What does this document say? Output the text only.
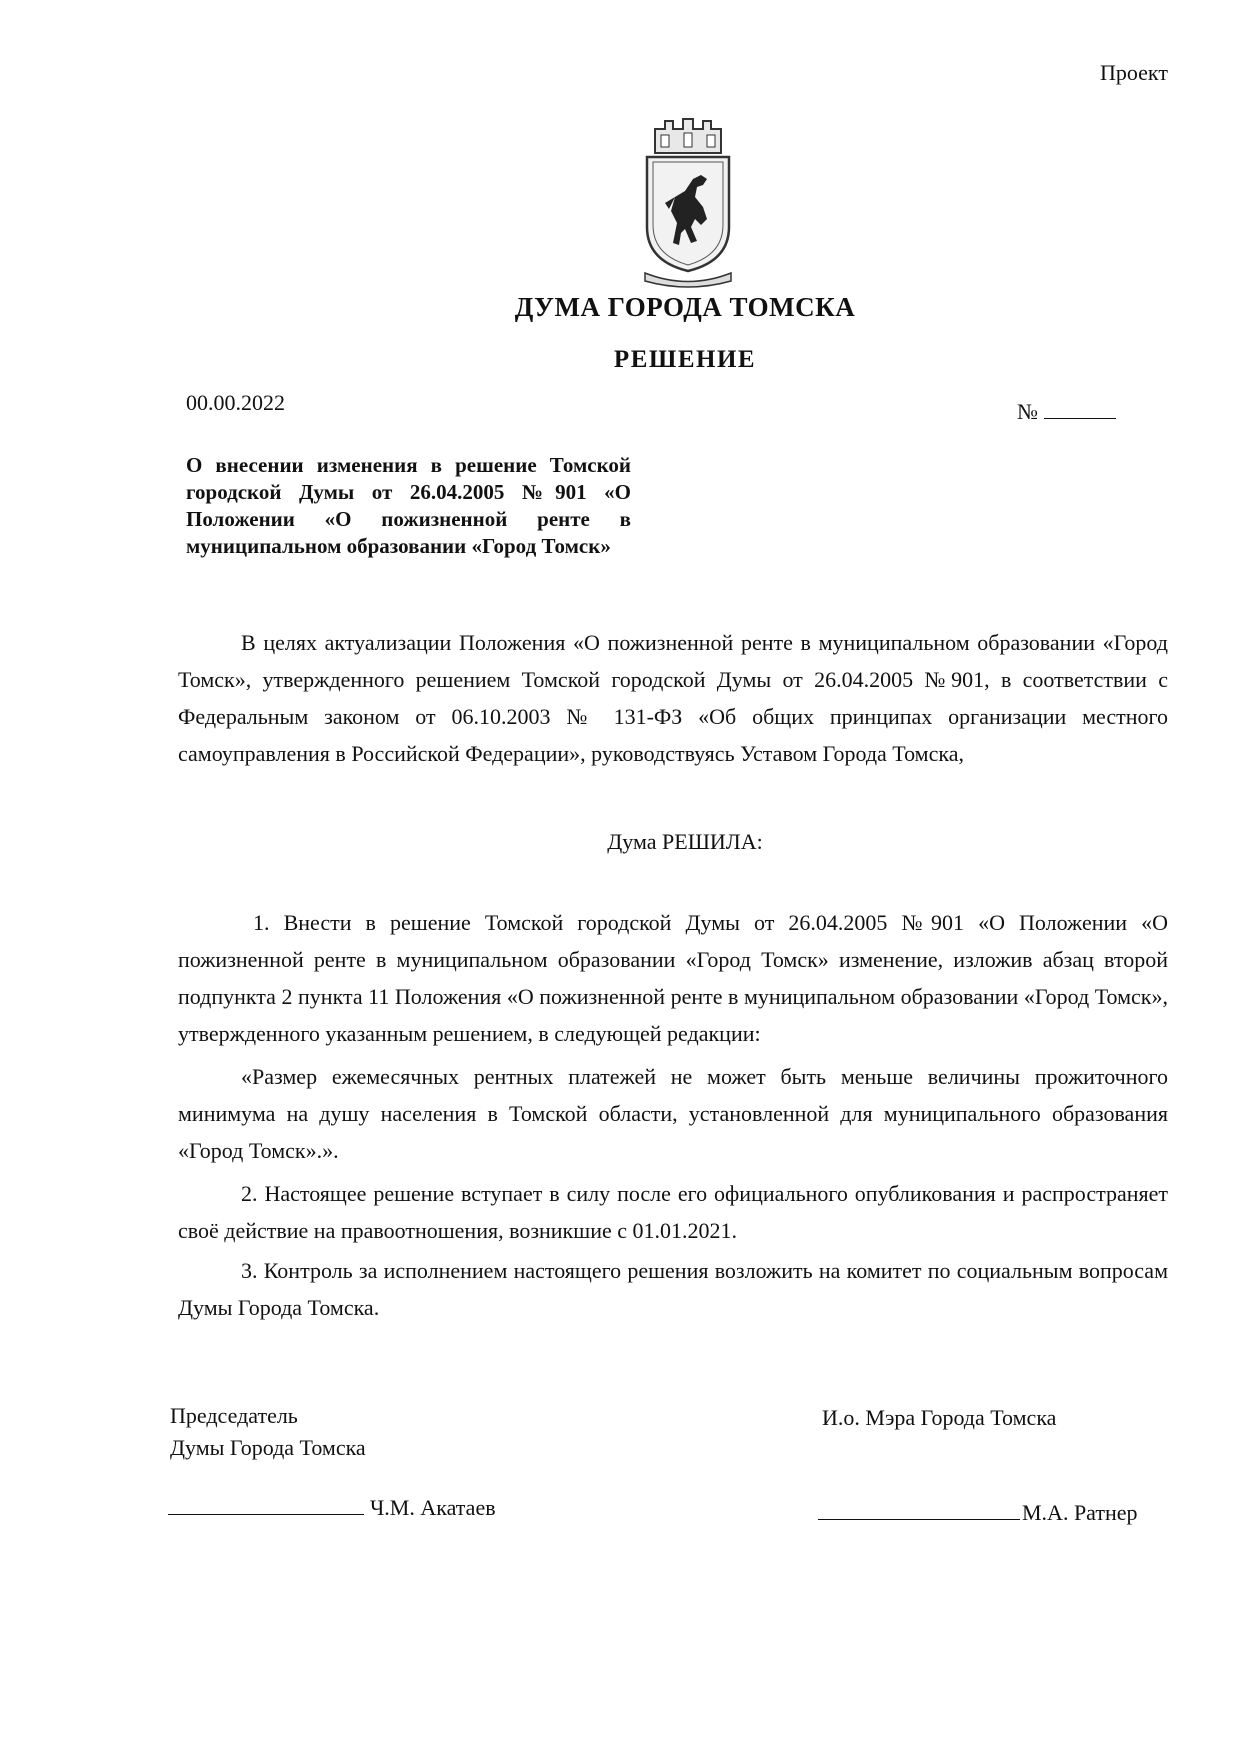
Проект
ДУМА ГОРОДА ТОМСКА
РЕШЕНИЕ
00.00.2022	№
О внесении изменения в решение Томской городской Думы от 26.04.2005 №901 «О Положении «О пожизненной ренте в муниципальном образовании «Город Томск»
В целях актуализации Положения «О пожизненной ренте в муниципальном образовании «Город Томск», утвержденного решением Томской городской Думы от 26.04.2005 №901, в соответствии с Федеральным законом от 06.10.2003 № 131-ФЗ «Об общих принципах организации местного самоуправления в Российской Федерации», руководствуясь Уставом Города Томска,
Дума РЕШИЛА:
1. Внести в решение Томской городской Думы от 26.04.2005 №901 «О Положении «О пожизненной ренте в муниципальном образовании «Город Томск» изменение, изложив абзац второй подпункта 2 пункта 11 Положения «О пожизненной ренте в муниципальном образовании «Город Томск», утвержденного указанным решением, в следующей редакции:
«Размер ежемесячных рентных платежей не может быть меньше величины прожиточного минимума на душу населения в Томской области, установленной для муниципального образования «Город Томск».».
2. Настоящее решение вступает в силу после его официального опубликования и распространяет своё действие на правоотношения, возникшие с 01.01.2021.
3. Контроль за исполнением настоящего решения возложить на комитет по социальным вопросам Думы Города Томска.
Председатель
Думы Города Томска
И.о. Мэра Города Томска
Ч.М. Акатаев	М.А. Ратнер
